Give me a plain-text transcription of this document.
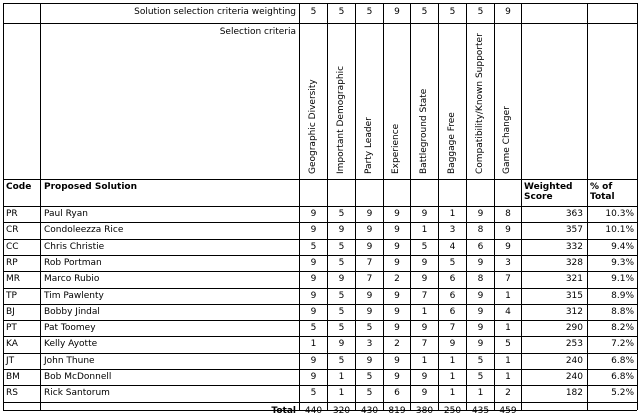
Solution selection criteria weighting 5 5 5 9 5 5 5 9
Selection criteria
Geographic Diversity Important Demographic Party Leader Experience Battleground State Baggage Free Compatibility/Known Supporter Game Changer
Code Proposed Solution	Weighted
Score
% of
Total
PR	Paul Ryan	9 5 9 9 9 1 9 8	363 10.3%
CR	Condoleezza Rice	9 9 9 9 1 3 8 9	357 10.1%
CC	Chris Christie	5 5 9 9 5 4 6 9	332	9.4%
RP	Rob Portman	9 5 7 9 9 5 9 3	328	9.3%
MR	Marco Rubio	9 9 7 2 9 6 8 7	321	9.1%
TP	Tim Pawlenty	9 5 9 9 7 6 9 1	315	8.9%
BJ	Bobby Jindal	9 5 9 9 1 6 9 4	312	8.8%
PT	Pat Toomey	5 5 5 9 9 7 9 1	290	8.2%
KA	Kelly Ayotte	1 9 3 2 7 9 9 5	253	7.2%
JT	John Thune	9 5 9 9 1 1 5 1	240	6.8%
BM	Bob McDonnell	9 1 5 9 9 1 5 1	240	6.8%
RS	Rick Santorum	5 1 5 6 9 1 1 2	182	5.2%
Total 440 320 430 819 380 250 435 459
